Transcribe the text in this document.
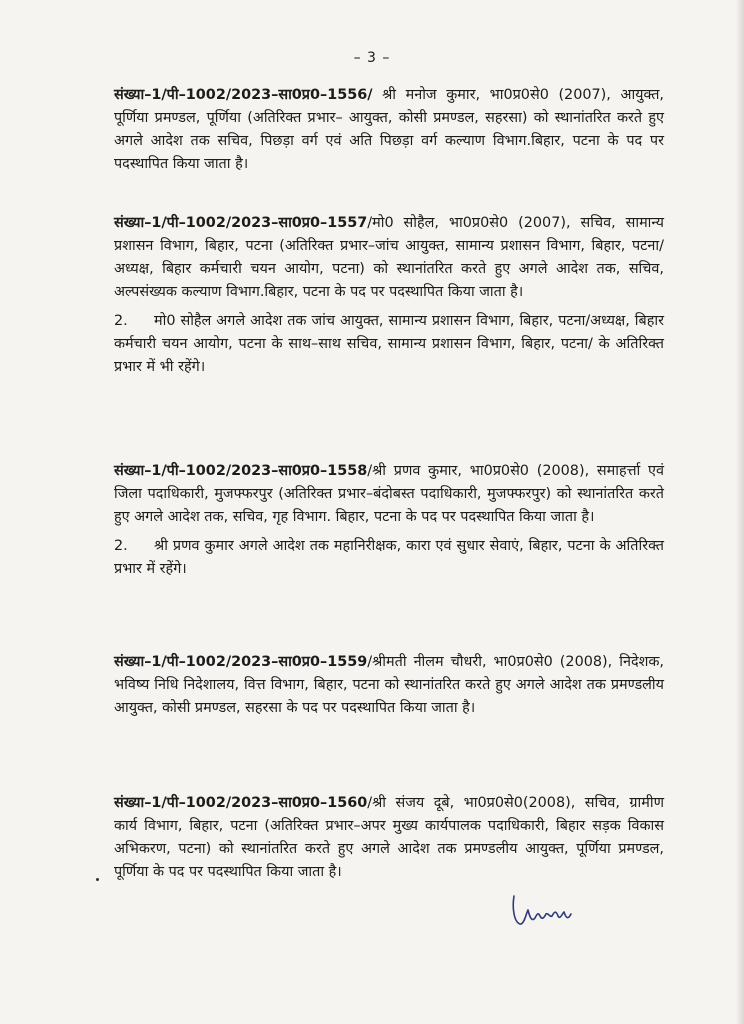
– 3 –
संख्या–1/पी–1002/2023–सा0प्र0–1556/ श्री मनोज कुमार, भा0प्र0से0 (2007), आयुक्त, पूर्णिया प्रमण्डल, पूर्णिया (अतिरिक्त प्रभार– आयुक्त, कोसी प्रमण्डल, सहरसा) को स्थानांतरित करते हुए अगले आदेश तक सचिव, पिछड़ा वर्ग एवं अति पिछड़ा वर्ग कल्याण विभाग.बिहार, पटना के पद पर पदस्थापित किया जाता है।
संख्या–1/पी–1002/2023–सा0प्र0–1557/मो0 सोहैल, भा0प्र0से0 (2007), सचिव, सामान्य प्रशासन विभाग, बिहार, पटना (अतिरिक्त प्रभार–जांच आयुक्त, सामान्य प्रशासन विभाग, बिहार, पटना/अध्यक्ष, बिहार कर्मचारी चयन आयोग, पटना) को स्थानांतरित करते हुए अगले आदेश तक, सचिव, अल्पसंख्यक कल्याण विभाग.बिहार, पटना के पद पर पदस्थापित किया जाता है।
2. मो0 सोहैल अगले आदेश तक जांच आयुक्त, सामान्य प्रशासन विभाग, बिहार, पटना/अध्यक्ष, बिहार कर्मचारी चयन आयोग, पटना के साथ–साथ सचिव, सामान्य प्रशासन विभाग, बिहार, पटना/ के अतिरिक्त प्रभार में भी रहेंगे।
संख्या–1/पी–1002/2023–सा0प्र0–1558/श्री प्रणव कुमार, भा0प्र0से0 (2008), समाहर्त्ता एवं जिला पदाधिकारी, मुजफ्फरपुर (अतिरिक्त प्रभार–बंदोबस्त पदाधिकारी, मुजफ्फरपुर) को स्थानांतरित करते हुए अगले आदेश तक, सचिव, गृह विभाग. बिहार, पटना के पद पर पदस्थापित किया जाता है।
2. श्री प्रणव कुमार अगले आदेश तक महानिरीक्षक, कारा एवं सुधार सेवाएं, बिहार, पटना के अतिरिक्त प्रभार में रहेंगे।
संख्या–1/पी–1002/2023–सा0प्र0–1559/श्रीमती नीलम चौधरी, भा0प्र0से0 (2008), निदेशक, भविष्य निधि निदेशालय, वित्त विभाग, बिहार, पटना को स्थानांतरित करते हुए अगले आदेश तक प्रमण्डलीय आयुक्त, कोसी प्रमण्डल, सहरसा के पद पर पदस्थापित किया जाता है।
संख्या–1/पी–1002/2023–सा0प्र0–1560/श्री संजय दूबे, भा0प्र0से0(2008), सचिव, ग्रामीण कार्य विभाग, बिहार, पटना (अतिरिक्त प्रभार–अपर मुख्य कार्यपालक पदाधिकारी, बिहार सड़क विकास अभिकरण, पटना) को स्थानांतरित करते हुए अगले आदेश तक प्रमण्डलीय आयुक्त, पूर्णिया प्रमण्डल, पूर्णिया के पद पर पदस्थापित किया जाता है।
